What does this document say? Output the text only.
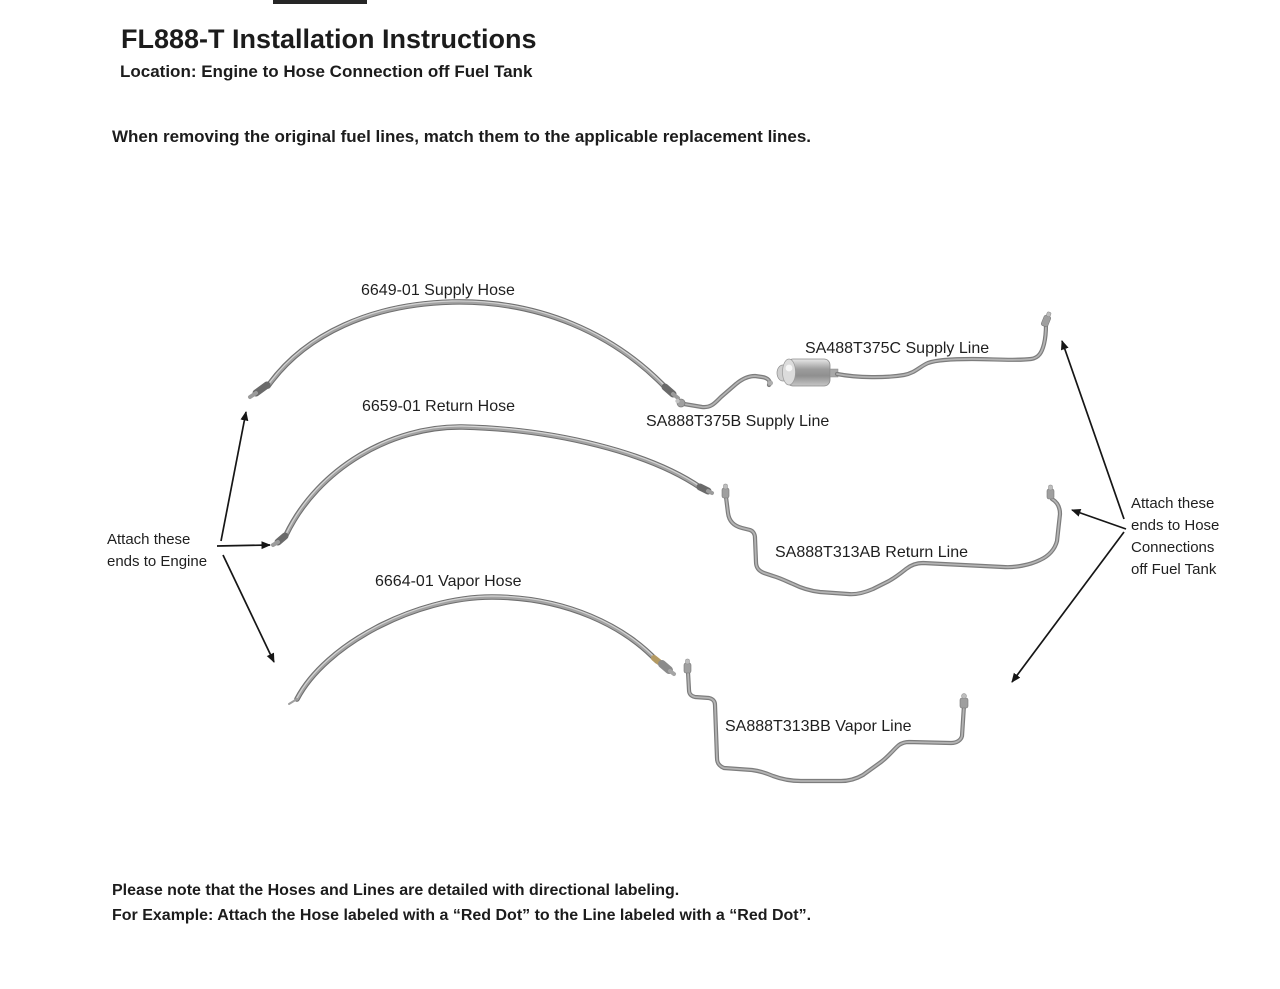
FL888-T Installation Instructions
Location: Engine to Hose Connection off Fuel Tank

When removing the original fuel lines, match them to the applicable replacement lines.

6649-01 Supply Hose
SA488T375C Supply Line
SA888T375B Supply Line
6659-01 Return Hose
SA888T313AB Return Line
6664-01 Vapor Hose
SA888T313BB Vapor Line
Attach these
ends to Engine
Attach these
ends to Hose
Connections
off Fuel Tank
Please note that the Hoses and Lines are detailed with directional labeling.
For Example: Attach the Hose labeled with a “Red Dot” to the Line labeled with a “Red Dot”.
